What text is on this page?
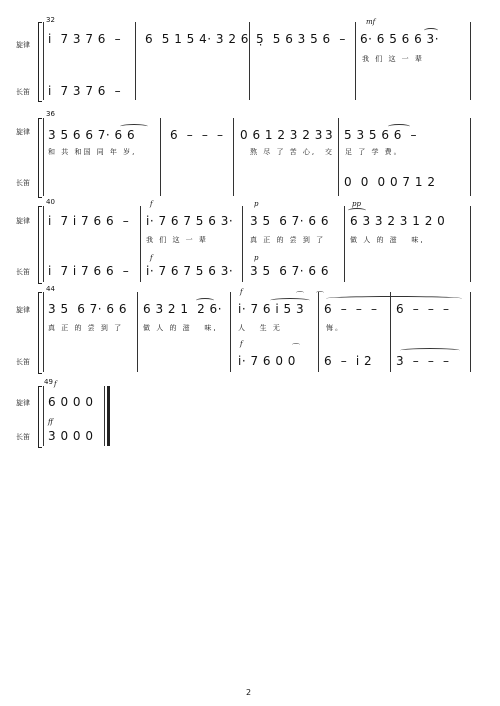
32
旋律
长笛
mf
i  7 3 7 6  – 6  5 1 5 4· 3 2 6 5̣  5 6 3 5 6  – 6· 6 5 6 6 3·
我 们 这 一 辈
i  7 3 7 6  –
36
旋律
长笛
3 5 6 6 7· 6 6	6  –  –  – 0 6 1 2 3 2 3 3 5 3 5 6 6  –
和 共 和国 同 年 岁,	熬 尽 了 苦 心, 交 足 了 学 费。
0  0  0 0 7 1 2
40
旋律
长笛
f	p	pp
i  7 i 7 6 6  – i· 7 6 7 5 6 3· 3 5  6 7· 6 6 6 3 3 2 3 1 2 0
我 们 这 一 辈	真 正 的 尝 到 了	做 人 的 滋   味,
f	p
i  7 i 7 6 6  – i· 7 6 7 5 6 3· 3 5  6 7· 6 6
44
旋律
长笛
f	⌒ ⌒
3 5  6 7· 6 6 6 3 2 1  2 6· i· 7 6 i 5 3 6  –  –  – 6  –  –  –
真 正 的 尝 到 了	做 人 的 滋   味,	人   生 无	悔。
f	⌒
i· 7 6 0 0 6  –  i 2 3  –  –  –
49
旋律
长笛
f
6 0 0 0
ff
3 0 0 0
2
